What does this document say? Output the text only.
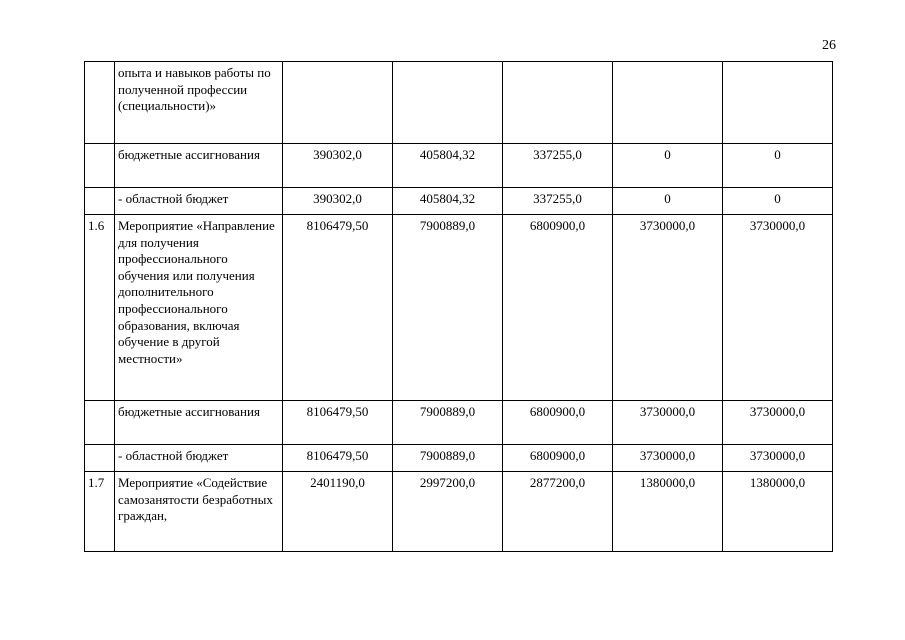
26

	опыта и навыков работы по полученной профессии (специальности)»					

	бюджетные ассигнования	390302,0	405804,32	337255,0	0	0

	- областной бюджет	390302,0	405804,32	337255,0	0	0
1.6	Мероприятие «Направление для получения профессионального обучения или получения дополнительного профессионального образования, включая обучение в другой местности»	8106479,50	7900889,0	6800900,0	3730000,0	3730000,0

	бюджетные ассигнования	8106479,50	7900889,0	6800900,0	3730000,0	3730000,0

	- областной бюджет	8106479,50	7900889,0	6800900,0	3730000,0	3730000,0
1.7	Мероприятие «Содействие самозанятости безработных граждан,	2401190,0	2997200,0	2877200,0	1380000,0	1380000,0
